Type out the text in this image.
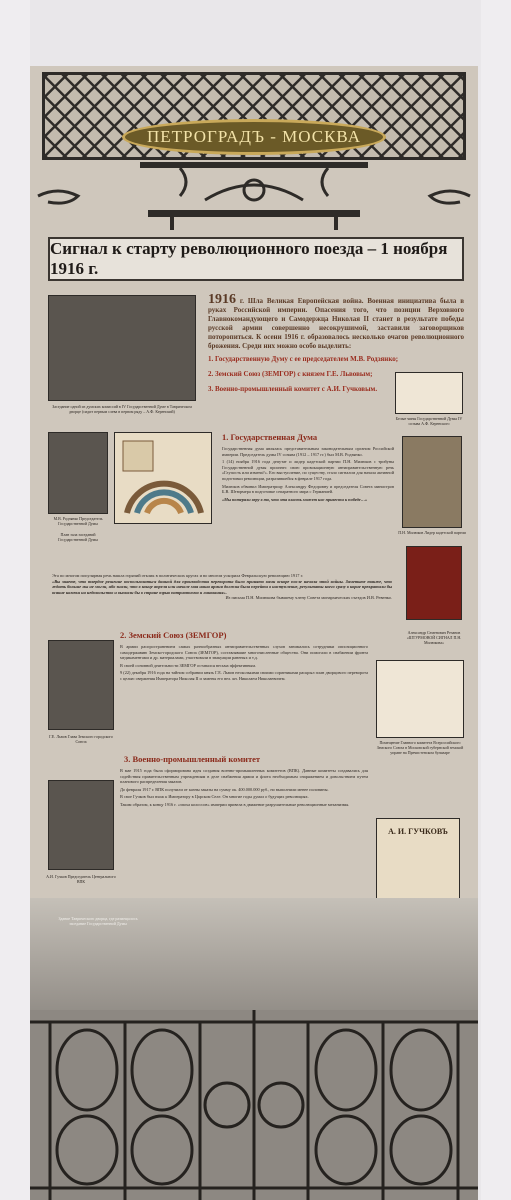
ПЕТРОГРАДЪ - МОСКВА
Сигнал к старту революционного поезда – 1 ноября 1916 г.
Заседание одной из думских комиссий в IV Государственной Думе в Таврическом дворце (сидит первым слева в первом ряду – А.Ф. Керенский)
1916 г. Шла Великая Европейская война. Военная инициатива была в руках Российской империи. Опасения того, что позиции Верховного Главнокомандующего и Самодержца Николая II станет в результате победы русской армии совершенно несокрушимой, заставили заговорщиков поторопиться. К осени 1916 г. образовалось несколько очагов революционного брожения. Среди них можно особо выделить:
1. Государственную Думу с ее председателем М.В. Родзянко;
2. Земский Союз (ЗЕМГОР) с князем Г.Е. Львовым;
3. Военно-промышленный комитет с А.И. Гучковым.
Белые чины Государственной Думы IV созыва А.Ф. Керенского
М.В. Родзянко Председатель Государственной Думы
План зала заседаний Государственной Думы
1. Государственная Дума

Государственная дума являлась представительным законодательным органом Российской империи. Председатель думы IV созыва (1912 – 1917 гг.) был М.В. Родзянко.

1 (14) ноября 1916 года депутат и лидер кадетской партии П.Н. Милюков с трибуны Государственной думы произнес свою провокационную антиправительственную речь «Глупость или измена?». Его выступление, по существу, стало сигналом для начала активной подготовки революции, разразившейся в феврале 1917 года.

Милюков обвинил Императрицу Александру Федоровну и председателя Совета министров Б.В. Штюрмера в подготовке сепаратного мира с Германией.

«Мы потеряли веру в то, что эта власть может нас привести к победе…»

П.Н. Милюков Лидер кадетской партии
Эта по многом популярная речь нашла горячий отклик в политических кругах и во многом ускорила Февральскую революцию 1917 г.
«Вы знаете, что твердое решение воспользоваться данной для производства переворота было принято вами вскоре после начала этой войны. Заметьте также, что ждать больше мы не могли, ибо знали, что в конце апреля или начале мая наша армия должна была перейти в наступление, результаты коего сразу в корне прекратили бы всякие намеки на недовольство и вызвали бы в стране взрыв патриотизма и ликования».
Из письма П.Н. Милюкова бывшему члену Совета монархических съездов И.В. Ревенко.
Александр Семенович Резанов «ШТУРМОВОЙ СИГНАЛ П.Н. Милюкова»
Г.Е. Львов Глава Земского городского Союза
2. Земский Союз (ЗЕМГОР)

В армии распространением самых разнообразных антиправительственных слухов занимались сотрудники оппозиционного самодержавию Земско-городского Союза (ЗЕМГОР), составлявшие многочисленные общества. Они помогали в снабжении фронта медикаментами и др. материалами, участвовали в эвакуации раненых и т.д.

В своей основной деятельности ЗЕМГОР оставался весьма эффективным.

9 (22) декабря 1916 года на тайном собрании князь Г.Е. Львов несколькими своими соратниками раскрыл план дворцового переворота с целью свержения Императора Николая II и замены его вел. кн. Николаем Николаевичем.

Помещение Главного комитета Всероссийского Земского Союза в Московской губернской земской управе на Пречистенском бульваре
3. Военно-промышленный комитет

В мае 1915 года была сформирована идея создания военно-промышленных комитетов (ВПК). Данные комитеты создавались для содействия правительственным учреждениям в деле снабжения армии и флота необходимым снаряжением и довольствием путем планового распределения заказов.

До февраля 1917 г. ВПК получили от казны заказы на сумму ок. 400.000.000 руб., но выполнили менее половины.

В свое Гучков был вхож к Императору в Царском Селе. Он многие годы думал о будущих революциях.

Таким образом, к концу 1916 г. «эпоха колоссов» империи привела в движение разрушительные революционные механизмы.

А.И. Гучков Председатель Центрального ВПК
А. И. ГУЧКОВЪ
Здание Таврического дворца, где размещалось заседание Государственной Думы
